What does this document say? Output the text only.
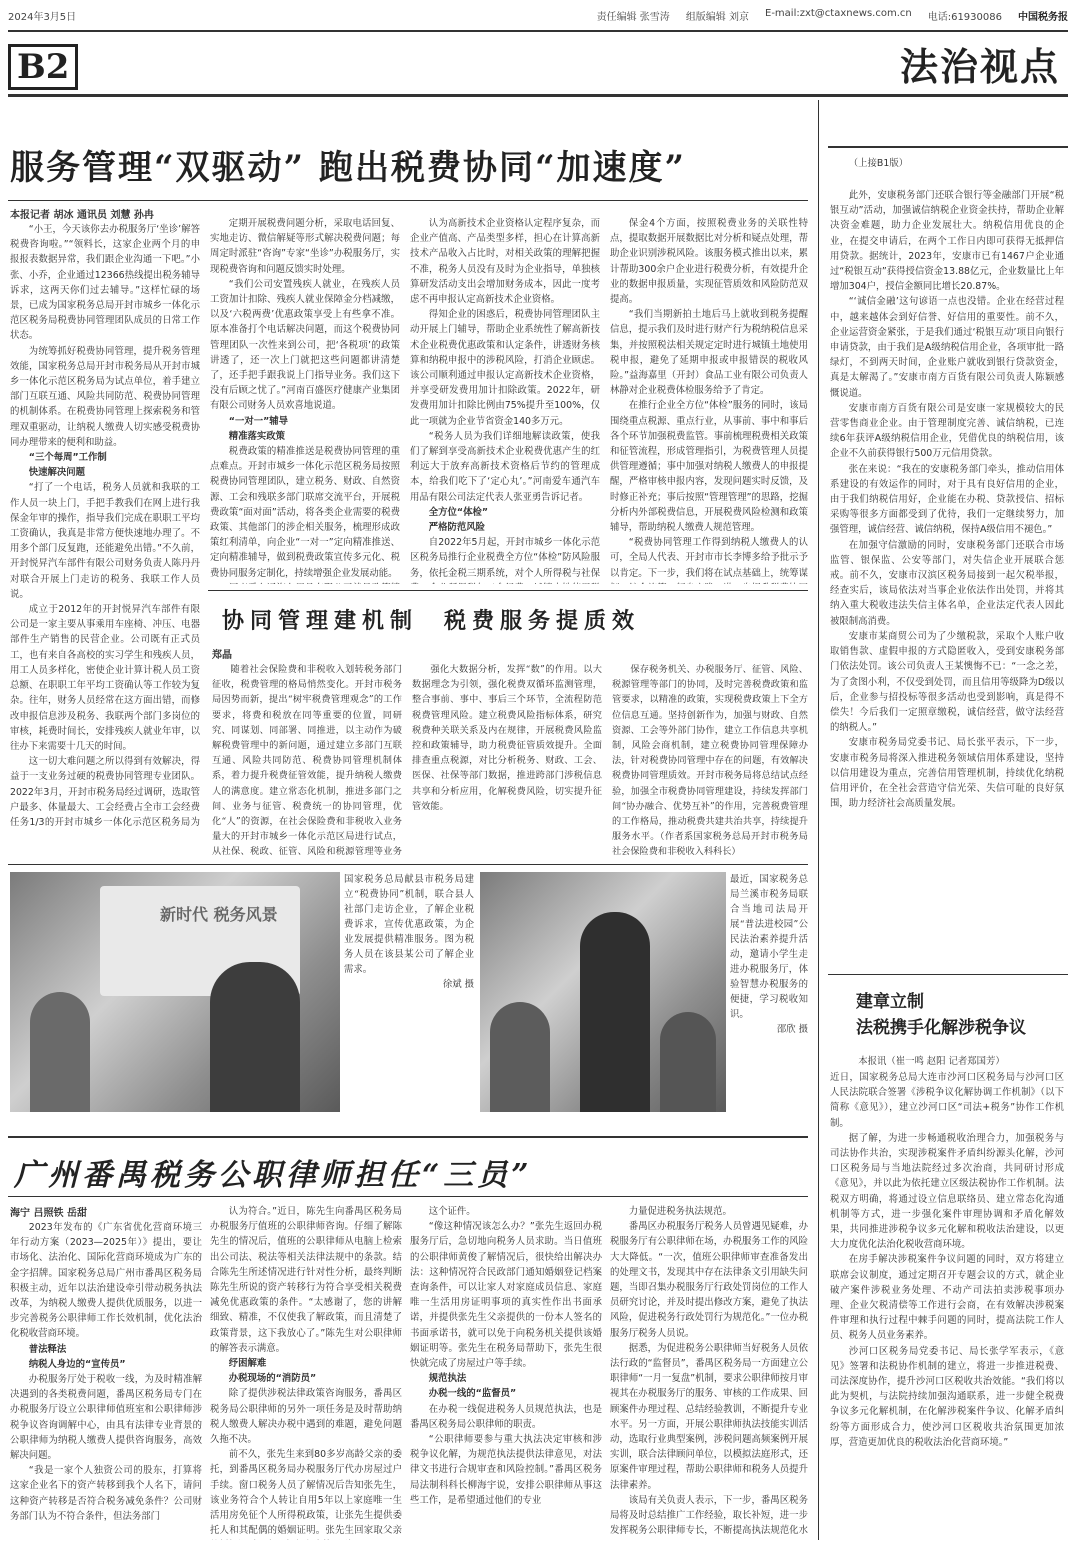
2024年3月5日	责任编辑 张雪涛 组版编辑 刘京 E-mail:zxt@ctaxnews.com.cn 电话:61930086 中国税务报
B2	法治视点
服务管理“双驱动” 跑出税费协同“加速度”
本报记者 胡冰 通讯员 刘慧 孙冉

“小王，今天该你去办税服务厅‘坐诊’解答税费咨询啦。”“领料长，这家企业两个月的申报报表数据异常，我们跟企业沟通一下吧。”小张、小乔，企业通过12366热线提出税务辅导诉求，这两天你们过去辅导。”这样忙碌的场景，已成为国家税务总局开封市城乡一体化示范区税务局税费协同管理团队成员的日常工作状态。

为统筹抓好税费协同管理，提升税务管理效能，国家税务总局开封市税务局从开封市城乡一体化示范区税务局为试点单位，着手建立部门互联互通、风险共同防范、税费协同管理的机制体系。在税费协同管理上探索税务和管理双重驱动，让纳税人缴费人切实感受税费协同办理带来的便利和助益。

“三个每周”工作制

快速解决问题

“打了一个电话，税务人员就和我联的工作人员一块上门，手把手教我们在网上进行我保金年审的操作，指导我们完成在职职工平均工资确认，我真是非常方便快速地办理了。不用多个部门反复跑，还能避免出错。”不久前，开封悦昇汽车部件有限公司财务负责人陈丹丹对联合开展上门走访的税务、我联工作人员说。

成立于2012年的开封悦昇汽车部件有限公司是一家主要从事乘用车座椅、冲压、电器部件生产销售的民营企业。公司既有正式员工，也有来自各高校的实习学生和残疾人员，用工人员多样化，密使企业计算计税人员工资总额、在职职工年平均工资确认等工作较为复杂。往年，财务人员经常在这方面出错，而修改申报信息涉及税务、我联两个部门多岗位的审核，耗费时间长，安排残疾人就业年审，以往办下来需要十几天的时间。

这一切大难问题之所以得到有效解决，得益于一支业务过硬的税费协同管理专业团队。2022年3月，开封市税务局经过调研，选取管户最多、体量最大、工会经费占全市工会经费任务1/3的开封市城乡一体化示范区税务局为

定期开展税费问题分析，采取电话回复、实地走访、微信解疑等形式解决税费问题；每周定时派驻“咨询”专家“坐诊”办税服务厅，实现税费咨询和问题反馈实时处理。

“我们公司安置残疾人就业，在残疾人员工资加计扣除、残疾人就业保障金分档减缴，以及‘六税两费’优惠政策享受上有些拿不准。原本准备打个电话解决问题，而这个税费协同管理团队一次性来到公司，把‘各税项’的政策讲透了，还一次上门就把这些问题都讲清楚了，还手把手跟我说上门指导业务。我们这下没有后顾之忧了。”河南百盛医疗健康产业集团有限公司财务人员欢喜地说道。

“一对一”辅导

精准落实政策

税费政策的精准推送是税费协同管理的重点难点。开封市城乡一体化示范区税务局按照税费协同管理团队，建立税务、财政、自然资源、工会和残联多部门联席交流平台，开展税费政策“面对面”活动，将各类企业需要的税费政策、其他部门的涉企相关服务，梳理形成政策红利清单，向企业“一对一”定向精准推送、定向精准辅导，做到税费政策宣传多元化、税费协同服务定制化，持续增强企业发展动能。

认为高新技术企业资格认定程序复杂，而企业产值高、产品类型多样，担心在计算高新技术产品收入占比时，对相关政策的理解把握不准，税务人员没有及时为企业指导，单独核算研发活动支出会增加财务成本，因此一度考虑不再申报认定高新技术企业资格。

得知企业的困惑后，税费协同管理团队主动开展上门辅导，帮助企业系统性了解高新技术企业税费优惠政策和认定条件，讲透财务核算和纳税申报中的涉税风险，打消企业顾虑。该公司顺利通过申报认定高新技术企业资格，并享受研发费用加计扣除政策。2022年，研发费用加计扣除比例由75%提升至100%，仅此一项就为企业节省资金140多万元。

“税务人员为我们详细地解读政策，使我们了解到享受高新技术企业税费优惠产生的红利远大于放弃高新技术资格后节约的管理成本，给我们吃下了‘定心丸’。”河南爱车通汽车用品有限公司法定代表人张亚勇告诉记者。

全方位“体检”

严格防范风险

自2022年5月起，开封市城乡一体化示范区税务局推行企业税费全方位“体检”防风险服务，依托金税三期系统，对个人所得税与社保

保金4个方面，按照税费业务的关联性特点，提取数据开展数据比对分析和疑点处理，帮助企业识别涉税风险。该服务模式推出以来，累计帮助300余户企业进行税费分析，有效提升企业的数据申报质量，实现征管质效和风险防范双提高。

“我们当期新拍土地后马上就收到税务提醒信息，提示我们及时进行财产行为税纳税信息采集，并按照税法相关规定定时进行城镇土地使用税申报，避免了延期申报或申报错误的税收风险。”益海嘉里（开封）食品工业有限公司负责人林静对企业税费体检服务给予了肯定。

在推行企业全方位“体检”服务的同时，该局围绕重点税源、重点行业，从事前、事中和事后各个环节加强税费监管。事前梳理税费相关政策和征管流程，形成管理指引，为税费管理人员提供管理遵循；事中加强对纳税人缴费人的申报提醒，严格审核申报内容，发现问题实时反馈，及时修正补充；事后按照“管理管理”的思路，挖掘分析内外部税费信息，开展税费风险检测和政策辅导，帮助纳税人缴费人规范管理。

“税费协同管理工作得到纳税人缴费人的认可，全局人代表、开封市市长李博多给予批示予以肯定。下一步，我们将在试点基础上，统筹谋

协同管理建机制 税费服务提质效
郑晶

随着社会保险费和非税收入划转税务部门征收，税费管理的格局悄然变化。开封市税务局因势而新，提出“树牢税费管理观念”的工作要求，将费和税放在同等重要的位置，同研究、同谋划、同部署、同推进，以主动作为破解税费管理中的新问题，通过建立多部门互联互通、风险共同防范、税费协同管理机制体系，着力提升税费征管效能，提升纳税人缴费人的满意度。建立常态化机制，推进多部门之间、业务与征管、税费统一的协同管理，优化“人”的资源，在社会保险费和非税收入业务量大的开封市城乡一体化示范区局进行试点，从社保、税政、征管、风险和税源管理等业务

强化大数据分析，发挥“数”的作用。以大数据理念为引领，强化税费双循环监测管理，整合事前、事中、事后三个环节，全流程防范税费管理风险。建立税费风险指标体系，研究税费种关联关系及内在规律，开展税费风险监控和政策辅导，助力税费征管质效提升。全面排查重点税源，对比分析税务、财政、工会、医保、社保等部门数据，推进跨部门涉税信息共享和分析应用，化解税费风险，切实提升征管效能。

保存税务机关、办税服务厅、征管、风险、税源管理等部门的协同，及时完善税费政策和监管要求，以精准的政策，实现税费政策上下全方位信息互通。坚持创新作为，加强与财政、自然资源、工会等外部门协作，建立工作信息共享机制，风险会商机制，建立税费协同管理保障办法，针对税费协同管理中存在的问题，有效解决税费协同管理质效。开封市税务局将总结试点经验，加强全市税费协同管理建设，持续发挥部门间“协办融合、优势互补”的作用，完善税费管理的工作格局，推动税费共建共治共享，持续提升服务水平。（作者系国家税务总局开封市税务局社会保险费和非税收入科科长）

新时代 税务风景

国家税务总局献县市税务局建立“税费协同”机制，联合县人社部门走访企业，了解企业税费诉求，宣传优惠政策，为企业发展提供精准服务。图为税务人员在该县某公司了解企业需求。

徐斌 摄

最近，国家税务总局兰溪市税务局联合当地司法局开展“普法进校园”公民法治素养提升活动，邀请小学生走进办税服务厅，体验智慧办税服务的便捷，学习税收知识。

邵欣 摄

广州番禺税务公职律师担任“三员”
海宁 吕照铁 岳甜

2023年发布的《广东省优化营商环境三年行动方案（2023—2025年）》提出，要让市场化、法治化、国际化营商环境成为广东的金字招牌。国家税务总局广州市番禺区税务局积极主动，近年以法治建设牵引带动税务执法改革，为纳税人缴费人提供优质服务，以进一步完善税务公职律师工作长效机制，优化法治化税收营商环境。

普法释法

纳税人身边的“宣传员”

办税服务厅处于税收一线，为及时精准解决遇到的各类税费问题，番禺区税务局专门在办税服务厅设立公职律师值班室和公职律师涉税争议咨询调解中心，由具有法律专业背景的公职律师为纳税人缴费人提供咨询服务，高效解决问题。

“我是一家个人独资公司的股东，打算将这家企业名下的资产转移到我个人名下，请问这种资产转移是否符合税务减免条件？公司财务部门认为不符合条件，但法务部门

认为符合。”近日，陈先生向番禺区税务局办税服务厅值班的公职律师咨询。仔细了解陈先生的情况后，值班的公职律师从电脑上检索出公司法、税法等相关法律法规中的条款。结合陈先生所述情况进行针对性分析，最终判断陈先生所说的资产转移行为符合享受相关税费减免优惠政策的条件。“太感谢了，您的讲解细致、精准，不仅使我了解政策，而且清楚了政策背景，这下我放心了。”陈先生对公职律师的解答表示满意。

纾困解难

办税现场的“消防员”

除了提供涉税法律政策咨询服务，番禺区税务局公职律师的另外一项任务是及时帮助纳税人缴费人解决办税中遇到的难题，避免问题久拖不决。

前不久，张先生来到80多岁高龄父亲的委托，到番禺区税务局办税服务厅代办房屋过户手续。窗口税务人员了解情况后告知张先生，该业务符合个人转让自用5年以上家庭唯一生活用房免征个人所得税政策，让张先生提供委托人和其配偶的婚姻证明。张先生回家取父亲

这个证件。

“像这种情况该怎么办？”张先生返回办税服务厅后，急切地向税务人员求助。当日值班的公职律师黄俊了解情况后，很快给出解决办法：这种情况符合民政部门通知婚姻登记档案查询条件，可以让家人对家庭成员信息、家庭唯一生活用房证明事项的真实性作出书面承诺，并提供张先生父亲提供的一份本人签名的书面承诺书，就可以免于向税务机关提供该婚姻证明等。张先生在税务局帮助下，张先生很快就完成了房屋过户等手续。

规范执法

办税一线的“监督员”

在办税一线促进税务人员规范执法，也是番禺区税务局公职律师的职责。

“公职律师要参与重大执法决定审核和涉税争议化解，为规范执法提供法律意见，对法律文书进行合规审查和风险控制。”番禺区税务局法制科科长柳海宇说，安排公职律师从事这些工作，是希望通过他们的专业

力量促进税务执法规范。

番禺区办税服务厅税务人员曾遇见疑难，办税服务厅有公职律师在场，办税服务工作的风险大大降低。“一次，值班公职律师审查准备发出的处理文书，发现其中存在法律条文引用缺失问题，当即召集办税服务厅行政处罚岗位的工作人员研究讨论，并及时提出修改方案，避免了执法风险，促进税务行政处罚行为规范化。”一位办税服务厅税务人员说。

据悉，为促进税务公职律师当好税务人员依法行政的“监督员”，番禺区税务局一方面建立公职律师“一月一复盘”机制，要求公职律师按月审视其在办税服务厅的服务、审核的工作成果、回顾案件办理过程、总结经验教训，不断提升专业水平。另一方面，开展公职律师执法技能实训活动，选取行业典型案例，涉税问题高频案例开展实训，联合法律顾问单位，以模拟法庭形式，还原案件审理过程，帮助公职律师和税务人员提升法律素养。

该局有关负责人表示，下一步，番禺区税务局将及时总结推广工作经验，取长补短，进一步发挥税务公职律师专长，不断提高执法规范化水

（上接B1版）

此外，安康税务部门还联合银行等金融部门开展“税银互动”活动，加强诚信纳税企业资金扶持，帮助企业解决资金难题，助力企业发展壮大。纳税信用优良的企业，在提交申请后，在两个工作日内即可获得无抵押信用贷款。据统计，2023年，安康市已有1467户企业通过“税银互动”获得授信资金13.88亿元，企业数量比上年增加304户，授信金额同比增长20.87%。

“‘诚信金融’这句谚语一点也没错。企业在经营过程中，越来越体会到好信誉、好信用的重要性。前不久，企业运营资金紧张，于是我们通过‘税银互动’项目向银行申请贷款，由于我们是A级纳税信用企业，各项审批一路绿灯，不到两天时间，企业账户就收到银行贷款资金，真是太解渴了。”安康市南方百货有限公司负责人陈颖感慨说道。

安康市南方百货有限公司是安康一家规模较大的民营零售商业企业。由于管理制度完善、诚信纳税，已连续6年获评A级纳税信用企业，凭借优良的纳税信用，该企业不久前获得银行500万元信用贷款。

张在来说：“我在的安康税务部门牵头，推动信用体系建设的有效运作的同时，对于具有良好信用的企业，由于我们纳税信用好，企业能在办税、贷款授信、招标采购等很多方面都受到了优待，我们一定继续努力，加强管理，诚信经营、诚信纳税，保持A级信用不褪色。”

在加强守信激励的同时，安康税务部门还联合市场监管、银保监、公安等部门，对失信企业开展联合惩戒。前不久，安康市汉滨区税务局接到一起欠税举报，经查实后，该局依法对当事企业依法作出处罚，并将其纳入重大税收违法失信主体名单，企业法定代表人因此被限制高消费。

安康市某商贸公司为了少缴税款，采取个人账户收取销售款、虚假申报的方式隐匿收入，受到安康税务部门依法处罚。该公司负责人王某懊悔不已：“一念之差，为了贪图小利，不仅受到处罚，而且信用等级降为D级以后，企业参与招投标等很多活动也受到影响，真是得不偿失！今后我们一定照章缴税，诚信经营，做守法经营的纳税人。”

安康市税务局党委书记、局长张平表示，下一步，安康市税务局将深入推进税务领域信用体系建设，坚持以信用建设为重点，完善信用管理机制，持续优化纳税信用评价，在全社会营造守信光荣、失信可耻的良好氛围，助力经济社会高质量发展。

建章立制
法税携手化解涉税争议

本报讯（崔一鸣 赵阳 记者郑国芳）

近日，国家税务总局大连市沙河口区税务局与沙河口区人民法院联合签署《涉税争议化解协调工作机制》（以下简称《意见》），建立沙河口区“司法+税务”协作工作机制。

据了解，为进一步畅通税收治理合力，加强税务与司法协作共治，实现涉税案件矛盾纠纷源头化解，沙河口区税务局与当地法院经过多次治商，共同研讨形成《意见》，并以此为依托建立区级法税协作工作机制。法税双方明确，将通过设立信息联络员、建立常态化沟通机制等方式，进一步强化案件审理协调和矛盾化解效果，共同推进涉税争议多元化解和税收法治建设，以更大力度优化法治化税收营商环境。

在房手解决涉税案件争议问题的同时，双方将建立联席会议制度，通过定期召开专题会议的方式，就企业破产案件涉税业务处理、不动产司法拍卖涉税事项办理、企业欠税清偿等工作进行会商，在有效解决涉税案件审理和执行过程中棘手问题的同时，提高法院工作人员、税务人员业务素养。

沙河口区税务局党委书记、局长张学军表示，《意见》签署和法税协作机制的建立，将进一步推进税费、司法深度协作，提升沙河口区税收共治效能。“我们将以此为契机，与法院持续加强沟通联系，进一步健全税费争议多元化解机制，在化解涉税案件争议、化解矛盾纠纷等方面形成合力，使沙河口区税收共治氛围更加浓厚，营造更加优良的税收法治化营商环境。”
